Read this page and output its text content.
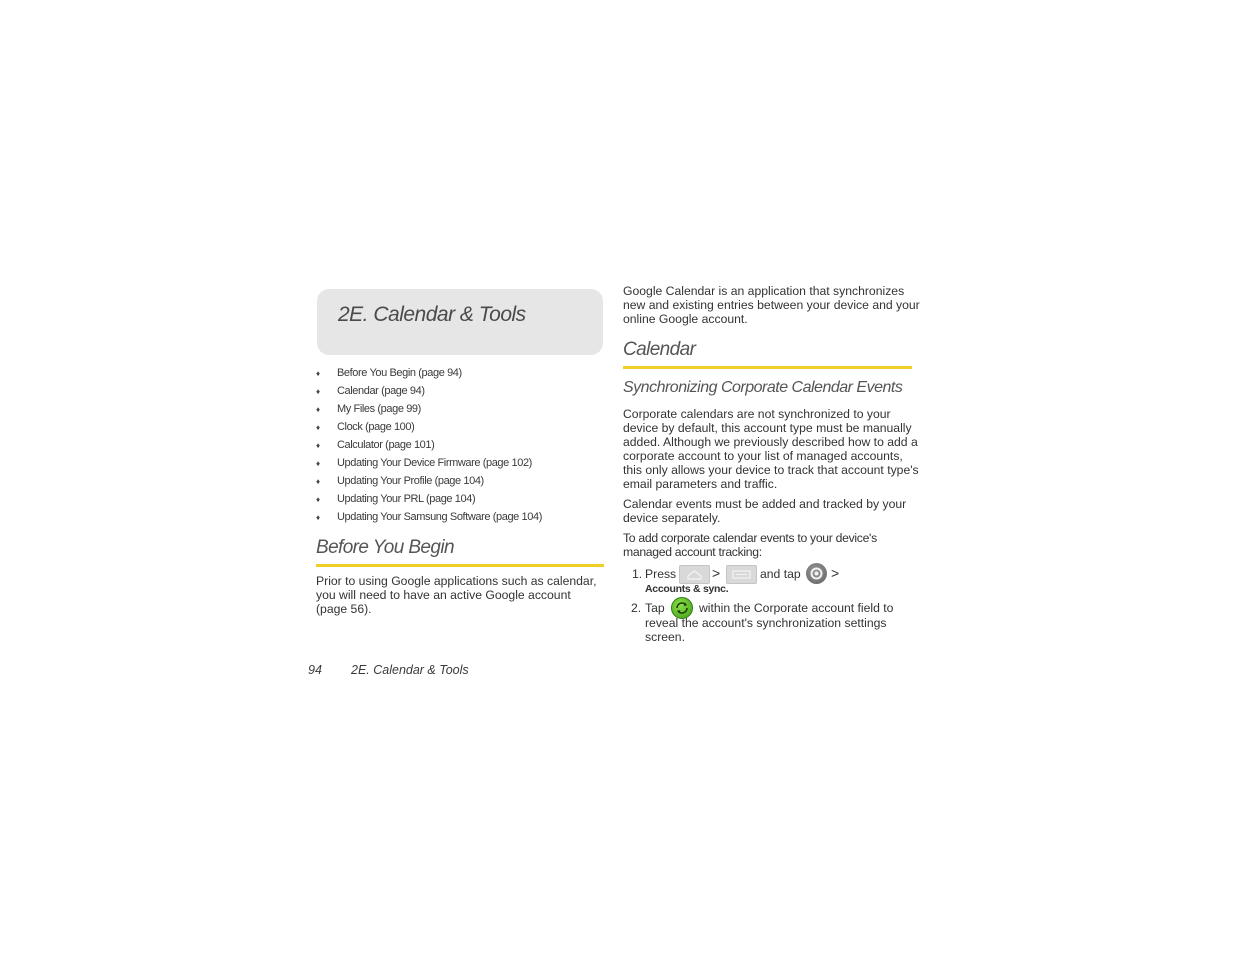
2E. Calendar & Tools
♦ Before You Begin (page 94)
♦ Calendar (page 94)
♦ My Files (page 99)
♦ Clock (page 100)
♦ Calculator (page 101)
♦ Updating Your Device Firmware (page 102)
♦ Updating Your Profile (page 104)
♦ Updating Your PRL (page 104)
♦ Updating Your Samsung Software (page 104)
Before You Begin
Prior to using Google applications such as calendar,
you will need to have an active Google account
(page 56).
Google Calendar is an application that synchronizes
new and existing entries between your device and your
online Google account.
Calendar
Synchronizing Corporate Calendar Events
Corporate calendars are not synchronized to your
device by default, this account type must be manually
added. Although we previously described how to add a
corporate account to your list of managed accounts,
this only allows your device to track that account type's
email parameters and traffic.
Calendar events must be added and tracked by your
device separately.
To add corporate calendar events to your device's
managed account tracking:
1. Press	>	and tap >
Accounts & sync.
2. Tap	within the Corporate account field to
reveal the account's synchronization settings
screen.
94 2E. Calendar & Tools
